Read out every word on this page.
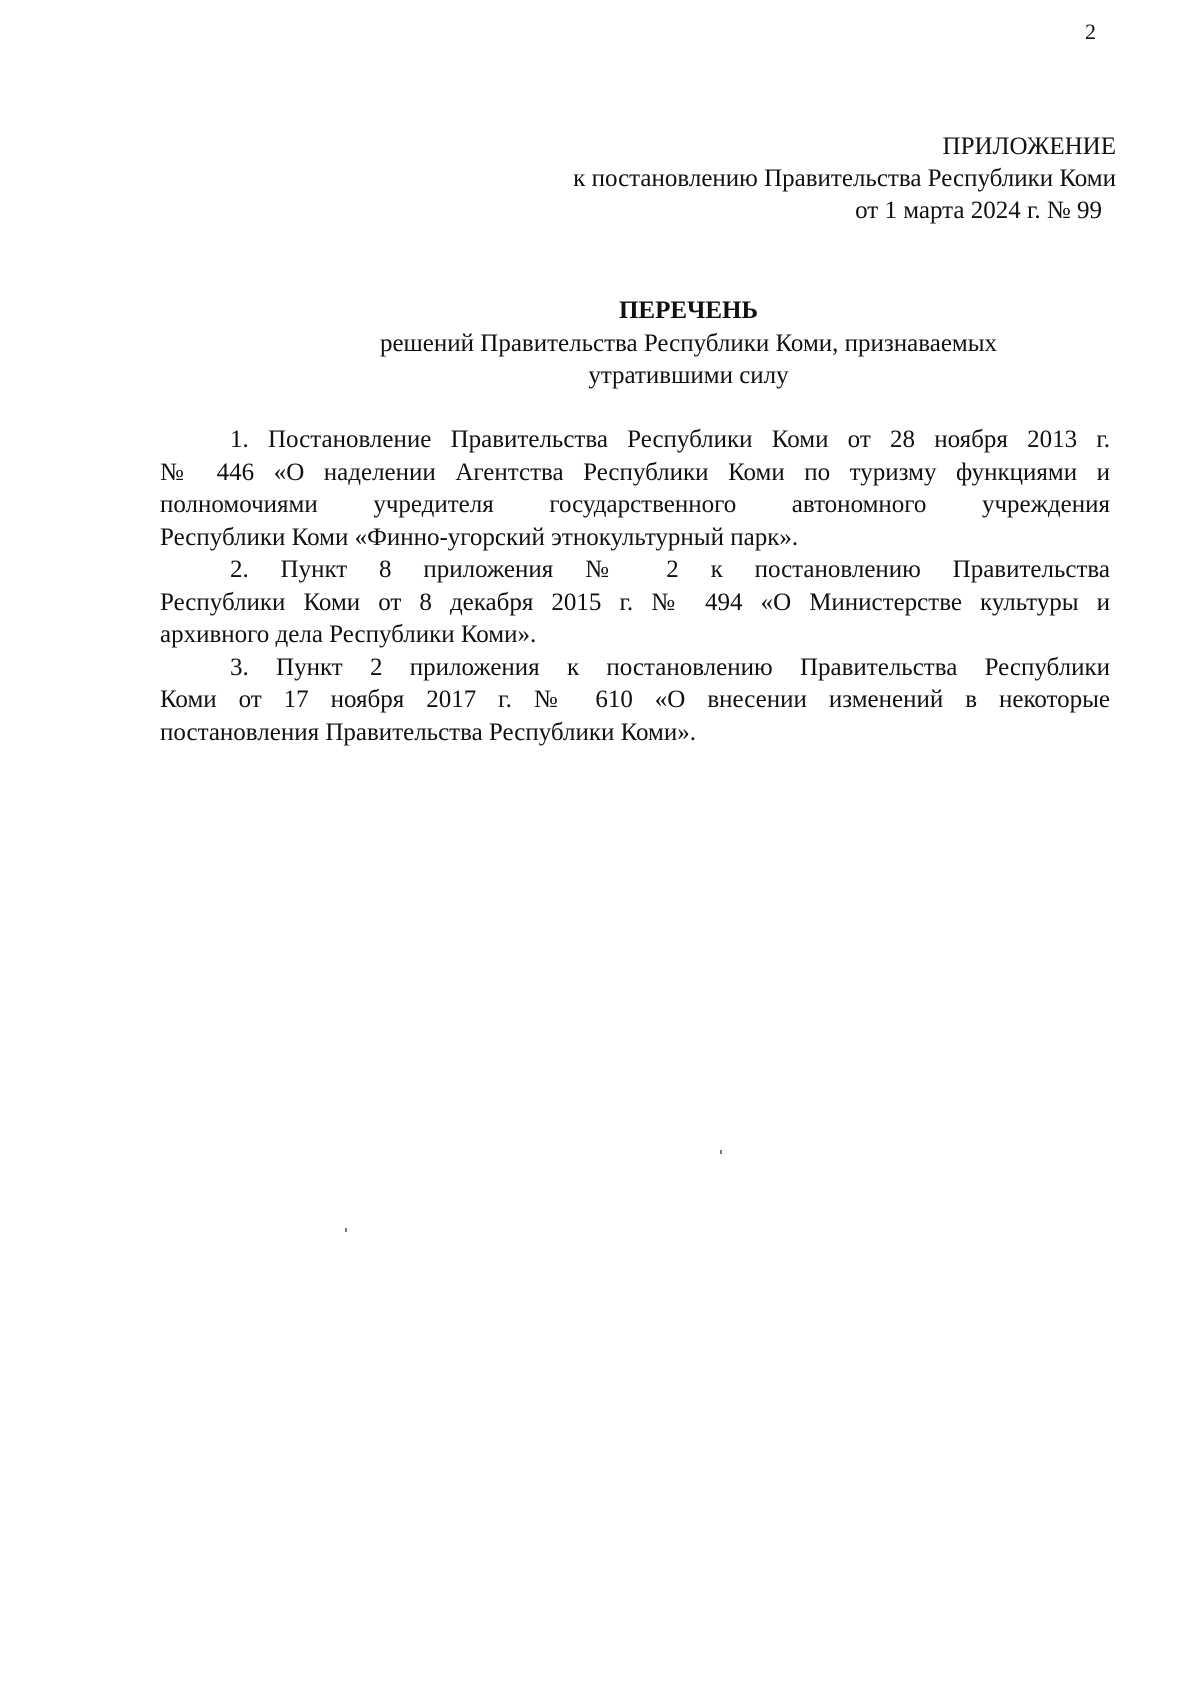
2
ПРИЛОЖЕНИЕ
к постановлению Правительства Республики Коми
от 1 марта 2024 г. № 99
ПЕРЕЧЕНЬ
решений Правительства Республики Коми, признаваемых
утратившими силу
1. Постановление Правительства Республики Коми от 28 ноября 2013 г.
№ 446 «О наделении Агентства Республики Коми по туризму функциями и
полномочиями учредителя государственного автономного учреждения
Республики Коми «Финно-угорский этнокультурный парк».
2. Пункт 8 приложения № 2 к постановлению Правительства
Республики Коми от 8 декабря 2015 г. № 494 «О Министерстве культуры и
архивного дела Республики Коми».
3. Пункт 2 приложения к постановлению Правительства Республики
Коми от 17 ноября 2017 г. № 610 «О внесении изменений в некоторые
постановления Правительства Республики Коми».
